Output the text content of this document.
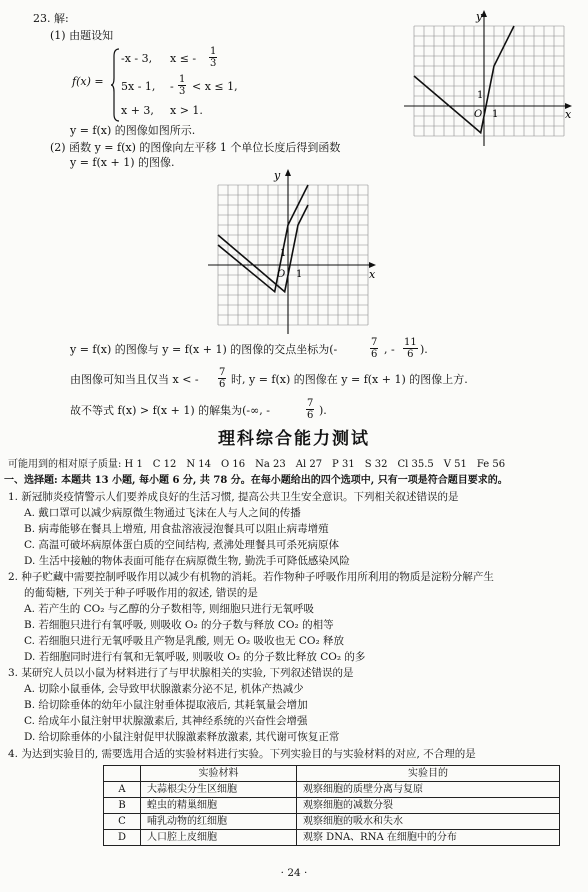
23. 解:
(1) 由题设知
f(x) =
-x - 3, x ≤ - $\frac{1}{3}$
5x - 1, - $\frac{1}{3} < x \le 1$,
x + 3, x > 1.
y = f(x) 的图像如图所示.
(2) 函数 y = f(x) 的图像向左平移 1 个单位长度后得到函数
y = f(x + 1) 的图像.
y
x
O 1
1
y
x
O 1
1
y = f(x) 的图像与 y = f(x + 1) 的图像的交点坐标为(-	$\frac{7}{6}$ , - $\frac{11}{6}$ ).
由图像可知当且仅当 x < - $\frac{7}{6}$ 时, y = f(x) 的图像在 y = f(x + 1) 的图像上方.
故不等式 f(x) > f(x + 1) 的解集为(-∞, -	$\frac{7}{6}$ ).
理科综合能力测试
可能用到的相对原子质量: H 1　C 12　N 14　O 16　Na 23　Al 27　P 31　S 32　Cl 35.5　V 51　Fe 56
一、选择题: 本题共 13 小题, 每小题 6 分, 共 78 分。在每小题给出的四个选项中, 只有一项是符合题目要求的。
1. 新冠肺炎疫情警示人们要养成良好的生活习惯, 提高公共卫生安全意识。下列相关叙述错误的是
A. 戴口罩可以减少病原微生物通过飞沫在人与人之间的传播
B. 病毒能够在餐具上增殖, 用食盐溶液浸泡餐具可以阻止病毒增殖
C. 高温可破坏病原体蛋白质的空间结构, 煮沸处理餐具可杀死病原体
D. 生活中接触的物体表面可能存在病原微生物, 勤洗手可降低感染风险
2. 种子贮藏中需要控制呼吸作用以减少有机物的消耗。若作物种子呼吸作用所利用的物质是淀粉分解产生
的葡萄糖, 下列关于种子呼吸作用的叙述, 错误的是
A. 若产生的 CO₂ 与乙醇的分子数相等, 则细胞只进行无氧呼吸
B. 若细胞只进行有氧呼吸, 则吸收 O₂ 的分子数与释放 CO₂ 的相等
C. 若细胞只进行无氧呼吸且产物是乳酸, 则无 O₂ 吸收也无 CO₂ 释放
D. 若细胞同时进行有氧和无氧呼吸, 则吸收 O₂ 的分子数比释放 CO₂ 的多
3. 某研究人员以小鼠为材料进行了与甲状腺相关的实验, 下列叙述错误的是
A. 切除小鼠垂体, 会导致甲状腺激素分泌不足, 机体产热减少
B. 给切除垂体的幼年小鼠注射垂体提取液后, 其耗氧量会增加
C. 给成年小鼠注射甲状腺激素后, 其神经系统的兴奋性会增强
D. 给切除垂体的小鼠注射促甲状腺激素释放激素, 其代谢可恢复正常
4. 为达到实验目的, 需要选用合适的实验材料进行实验。下列实验目的与实验材料的对应, 不合理的是
	实验材料	实验目的
A	大蒜根尖分生区细胞	观察细胞的质壁分离与复原
B	蝗虫的精巢细胞	观察细胞的减数分裂
C	哺乳动物的红细胞	观察细胞的吸水和失水
D	人口腔上皮细胞	观察 DNA、RNA 在细胞中的分布
· 24 ·
